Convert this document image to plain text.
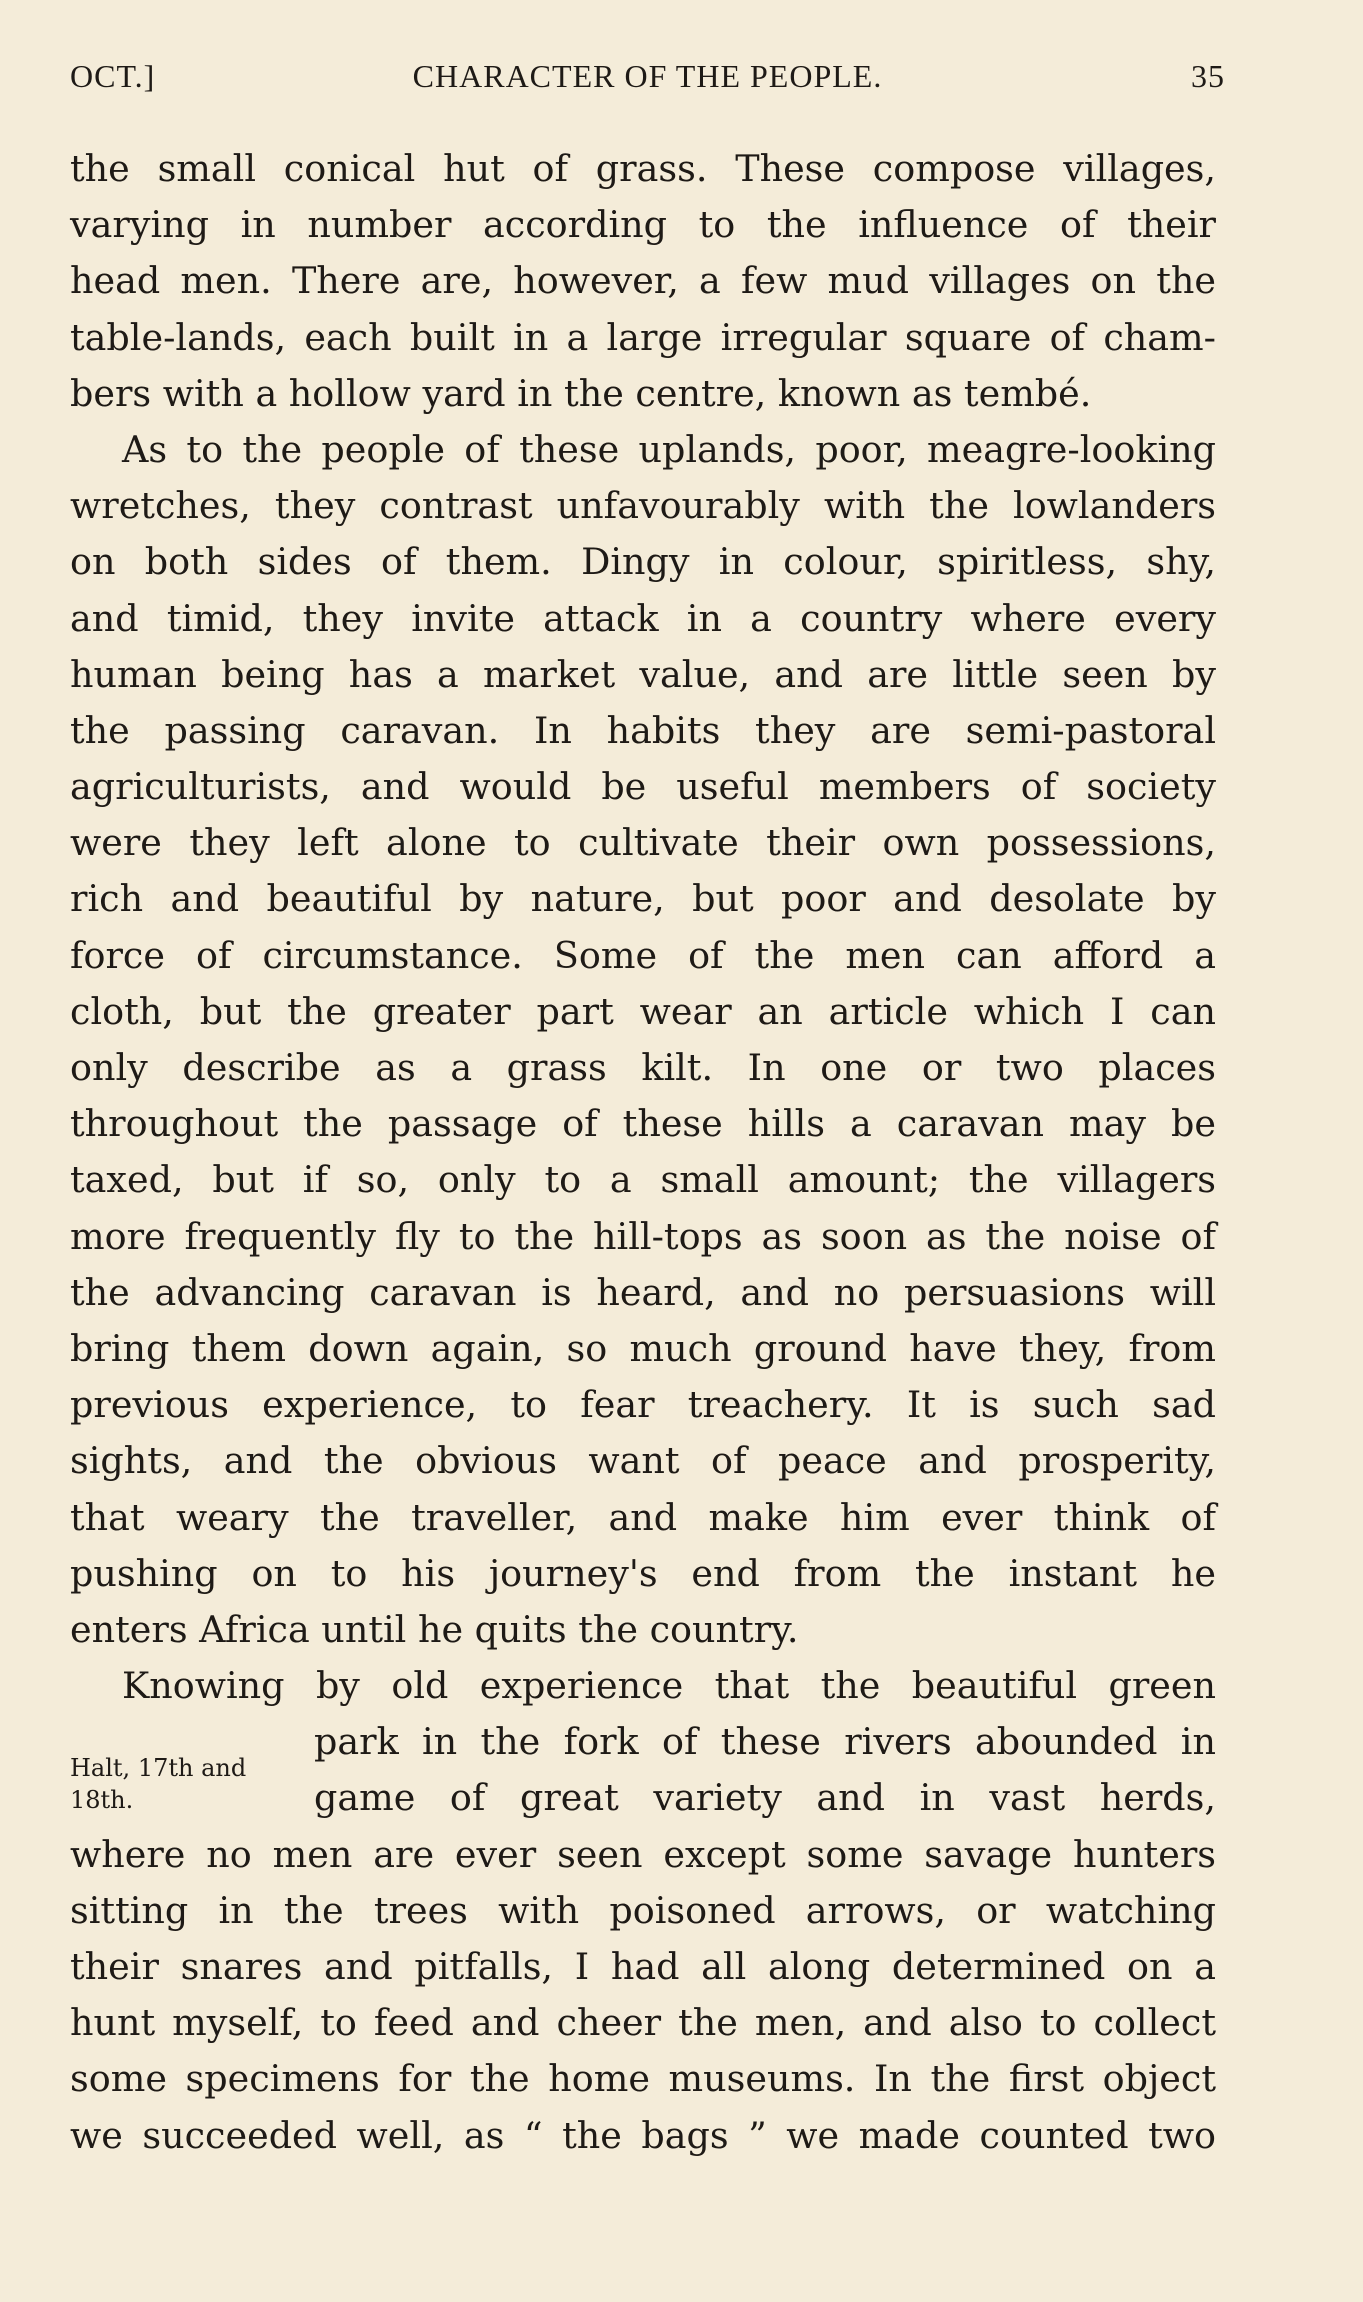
OCT.]	CHARACTER OF THE PEOPLE.	35
Halt, 17th and
18th.
the small conical hut of grass. These compose villages,
varying in number according to the influence of their
head men. There are, however, a few mud villages on the
table-lands, each built in a large irregular square of cham-
bers with a hollow yard in the centre, known as tembé.
As to the people of these uplands, poor, meagre-looking
wretches, they contrast unfavourably with the lowlanders
on both sides of them. Dingy in colour, spiritless, shy,
and timid, they invite attack in a country where every
human being has a market value, and are little seen by
the passing caravan. In habits they are semi-pastoral
agriculturists, and would be useful members of society
were they left alone to cultivate their own possessions,
rich and beautiful by nature, but poor and desolate by
force of circumstance. Some of the men can afford a
cloth, but the greater part wear an article which I can
only describe as a grass kilt. In one or two places
throughout the passage of these hills a caravan may be
taxed, but if so, only to a small amount; the villagers
more frequently fly to the hill-tops as soon as the noise of
the advancing caravan is heard, and no persuasions will
bring them down again, so much ground have they, from
previous experience, to fear treachery. It is such sad
sights, and the obvious want of peace and prosperity,
that weary the traveller, and make him ever think of
pushing on to his journey's end from the instant he
enters Africa until he quits the country.
Knowing by old experience that the beautiful green
park in the fork of these rivers abounded in
game of great variety and in vast herds,
where no men are ever seen except some savage hunters
sitting in the trees with poisoned arrows, or watching
their snares and pitfalls, I had all along determined on a
hunt myself, to feed and cheer the men, and also to collect
some specimens for the home museums. In the first object
we succeeded well, as “ the bags ” we made counted two
